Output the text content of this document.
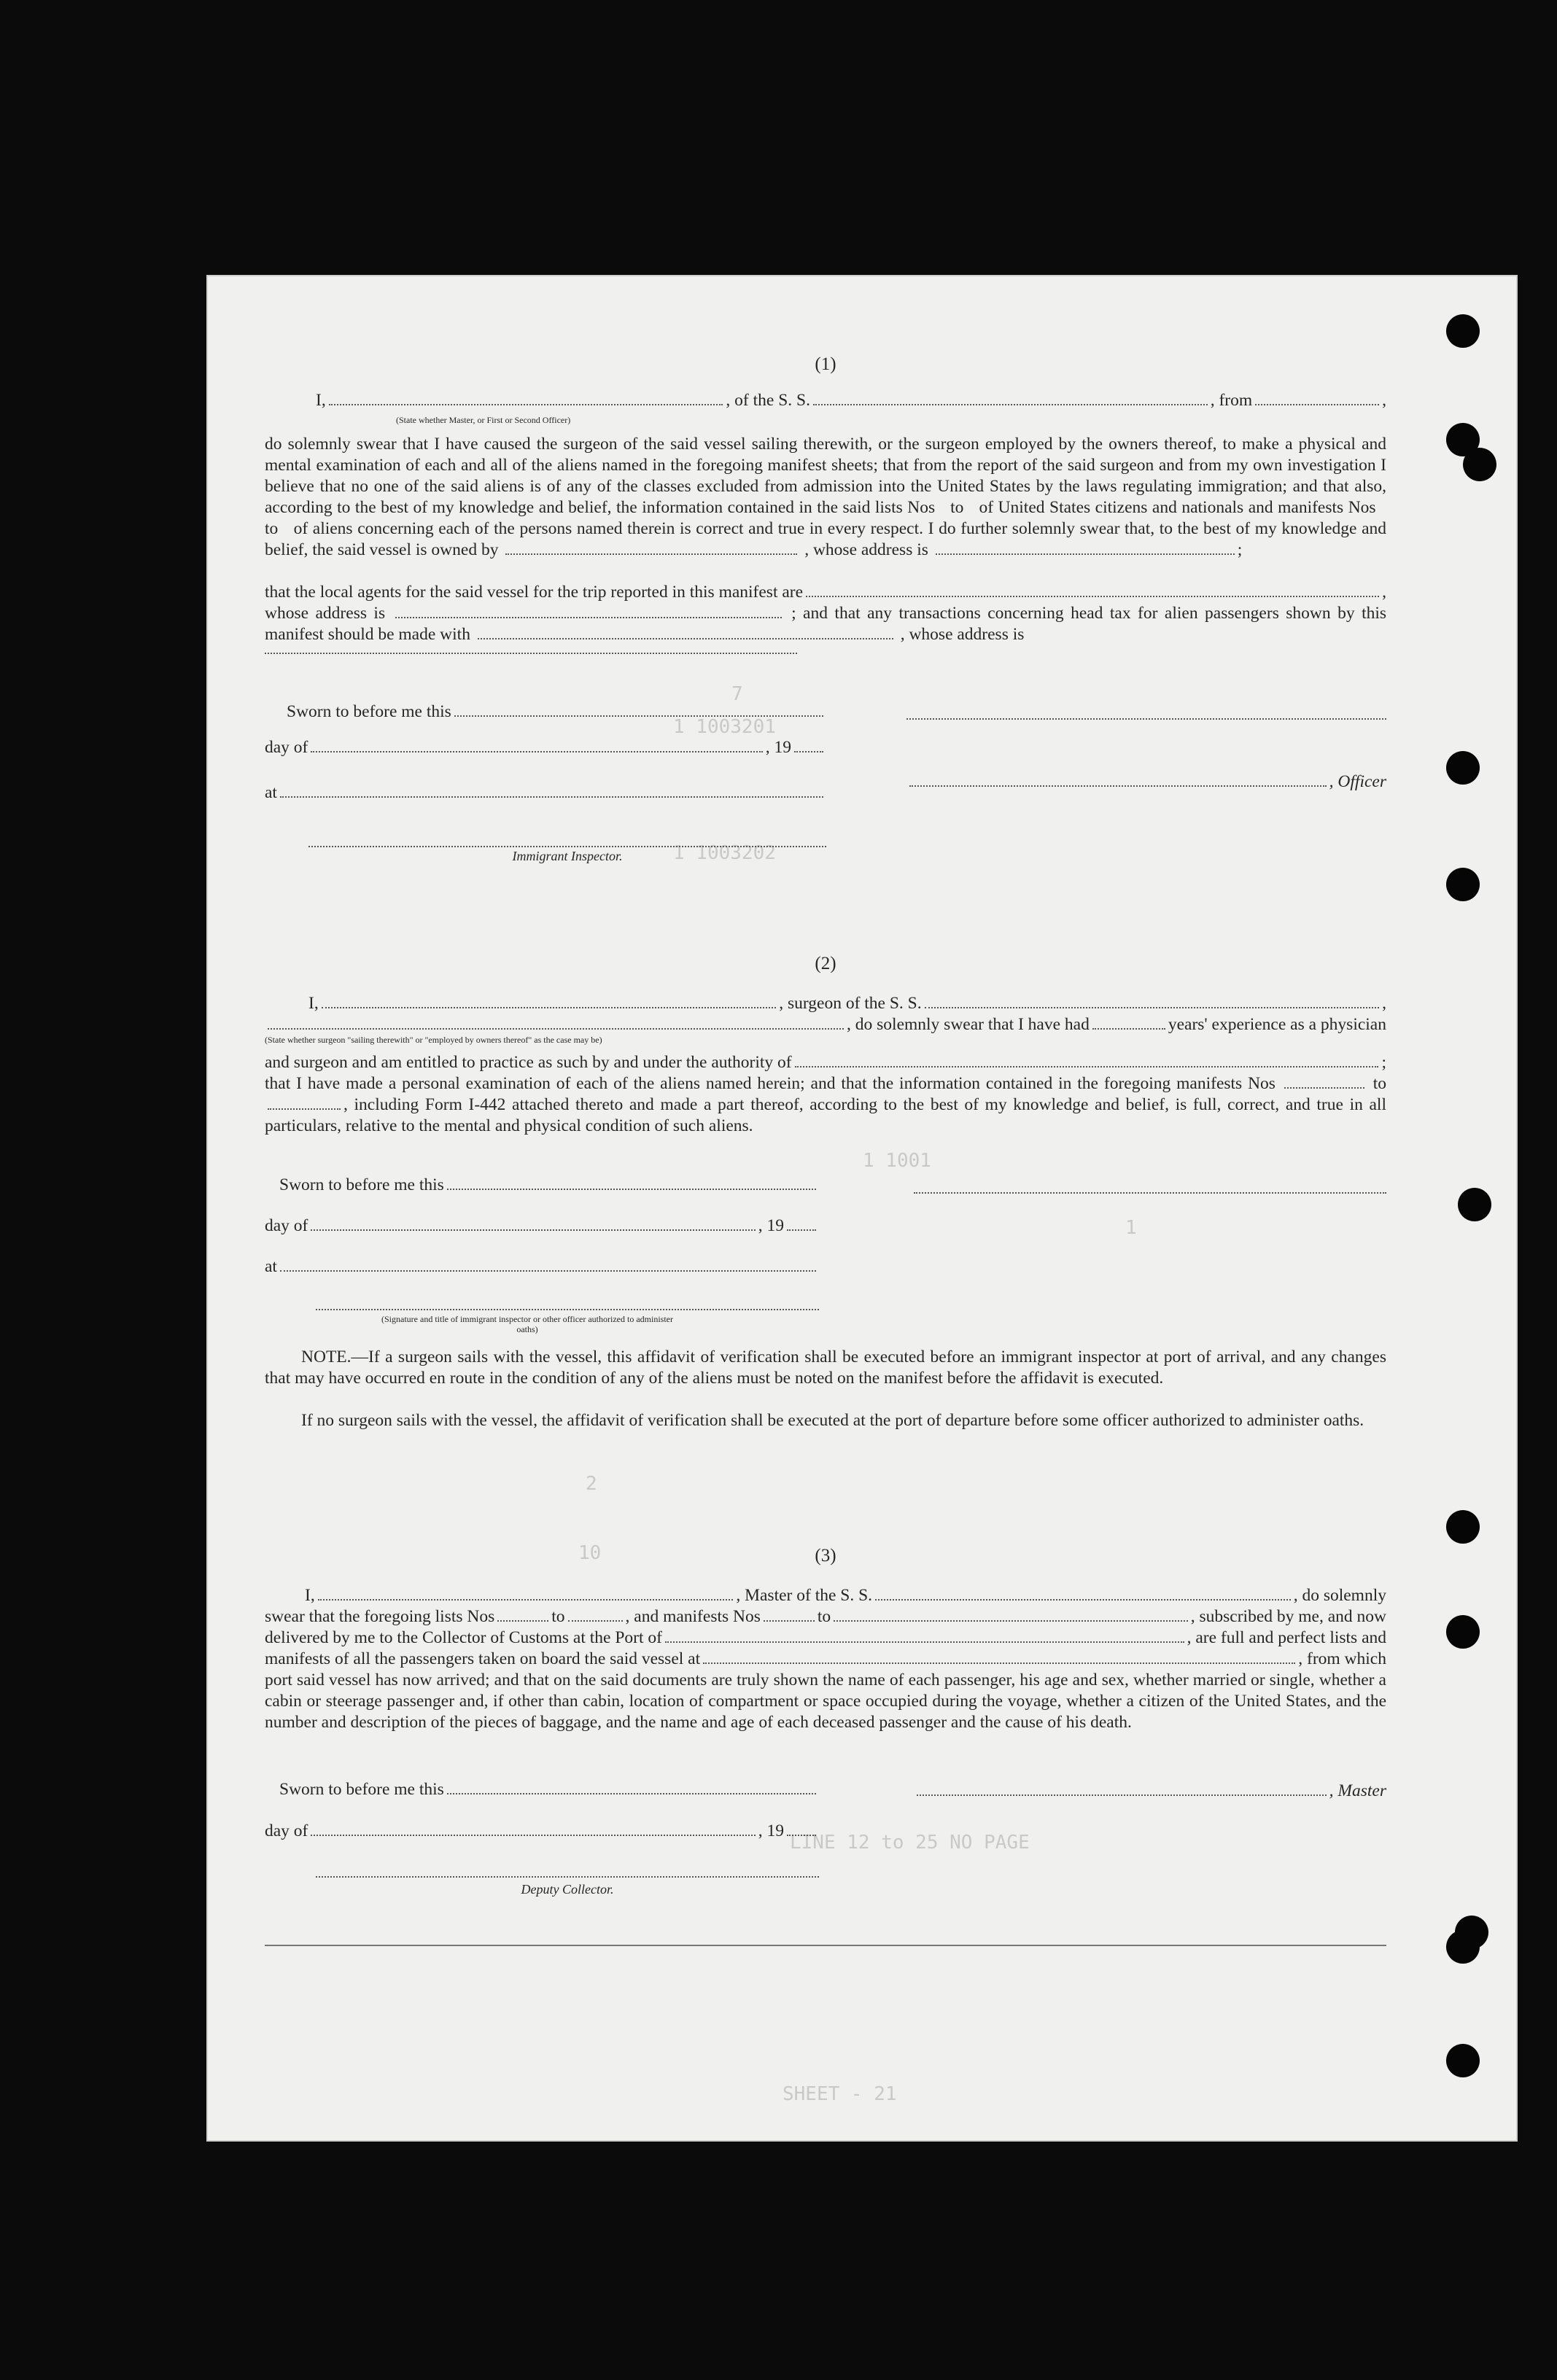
7
1 1003201
1 1003202
1 1001
1
2
10
LINE 12 to 25 NO PAGE
SHEET - 21
(1)
I,	, of the S. S.	, from	,
(State whether Master, or First or Second Officer)
do solemnly swear that I have caused the surgeon of the said vessel sailing therewith, or the surgeon employed by the owners thereof, to make a physical and mental examination of each and all of the aliens named in the foregoing manifest sheets; that from the report of the said surgeon and from my own investigation I believe that no one of the said aliens is of any of the classes excluded from admission into the United States by the laws regulating immigration; and that also, according to the best of my knowledge and belief, the information contained in the said lists Nos to of United States citizens and nationals and manifests Nos  to of aliens concerning each of the persons named therein is correct and true in every respect. I do further solemnly swear that, to the best of my knowledge and belief, the said vessel is owned by	, whose address is	;
that the local agents for the said vessel for the trip reported in this manifest are	,
whose address is	; and that any transactions concerning head tax for alien passengers shown by this manifest should be made with	, whose address is
Sworn to before me this
day of	, 19
, Officer
at
Immigrant Inspector.
(2)
I,	, surgeon of the S. S.	,
, do solemnly swear that I have had	years' experience as a physician
(State whether surgeon "sailing therewith" or "employed by owners thereof" as the case may be)
and surgeon and am entitled to practice as such by and under the authority of	;
that I have made a personal examination of each of the aliens named herein; and that the information contained in the foregoing manifests Nos	to , including Form I-442 attached thereto and made a part thereof, according to the best of my knowledge and belief, is full, correct, and true in all particulars, relative to the mental and physical condition of such aliens.
Sworn to before me this
day of	, 19
at
(Signature and title of immigrant inspector or other officer authorized to administer oaths)
NOTE.—If a surgeon sails with the vessel, this affidavit of verification shall be executed before an immigrant inspector at port of arrival, and any changes that may have occurred en route in the condition of any of the aliens must be noted on the manifest before the affidavit is executed.
If no surgeon sails with the vessel, the affidavit of verification shall be executed at the port of departure before some officer authorized to administer oaths.
(3)
I,	, Master of the S. S.	, do solemnly
swear that the foregoing lists Nos	to	, and manifests Nos	to	, subscribed by me, and now
delivered by me to the Collector of Customs at the Port of	, are full and perfect lists and
manifests of all the passengers taken on board the said vessel at	, from which
port said vessel has now arrived; and that on the said documents are truly shown the name of each passenger, his age and sex, whether married or single, whether a cabin or steerage passenger and, if other than cabin, location of compartment or space occupied during the voyage, whether a citizen of the United States, and the number and description of the pieces of baggage, and the name and age of each deceased passenger and the cause of his death.
Sworn to before me this	, Master
day of	, 19
Deputy Collector.
